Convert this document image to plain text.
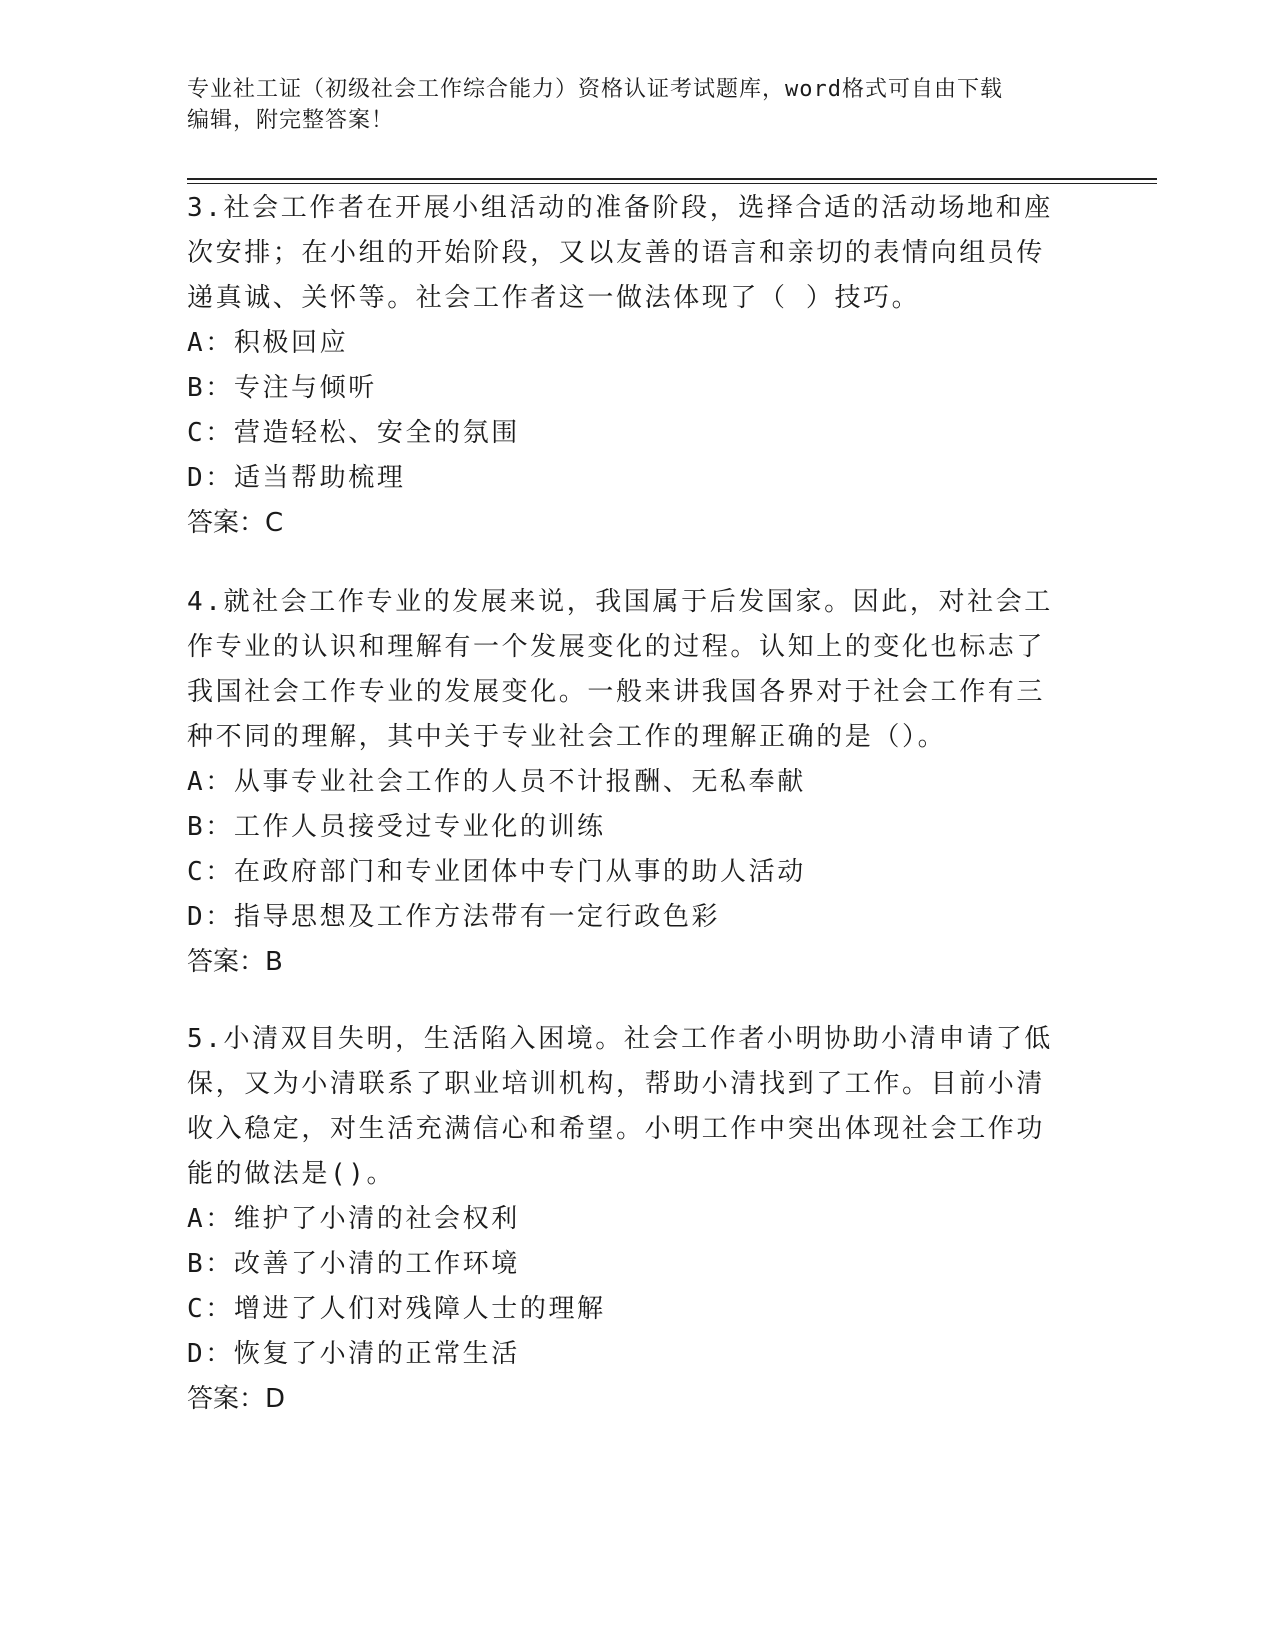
专业社工证（初级社会工作综合能力）资格认证考试题库，word格式可自由下载
编辑，附完整答案！

3.社会工作者在开展小组活动的准备阶段，选择合适的活动场地和座次安排；在小组的开始阶段，又以友善的语言和亲切的表情向组员传递真诚、关怀等。社会工作者这一做法体现了（ ）技巧。

A：积极回应

B：专注与倾听

C：营造轻松、安全的氛围

D：适当帮助梳理

答案：C

4.就社会工作专业的发展来说，我国属于后发国家。因此，对社会工作专业的认识和理解有一个发展变化的过程。认知上的变化也标志了我国社会工作专业的发展变化。一般来讲我国各界对于社会工作有三种不同的理解，其中关于专业社会工作的理解正确的是（）。

A：从事专业社会工作的人员不计报酬、无私奉献

B：工作人员接受过专业化的训练

C：在政府部门和专业团体中专门从事的助人活动

D：指导思想及工作方法带有一定行政色彩

答案：B

5.小清双目失明，生活陷入困境。社会工作者小明协助小清申请了低保，又为小清联系了职业培训机构，帮助小清找到了工作。目前小清收入稳定，对生活充满信心和希望。小明工作中突出体现社会工作功能的做法是()。

A：维护了小清的社会权利

B：改善了小清的工作环境

C：增进了人们对残障人士的理解

D：恢复了小清的正常生活

答案：D
